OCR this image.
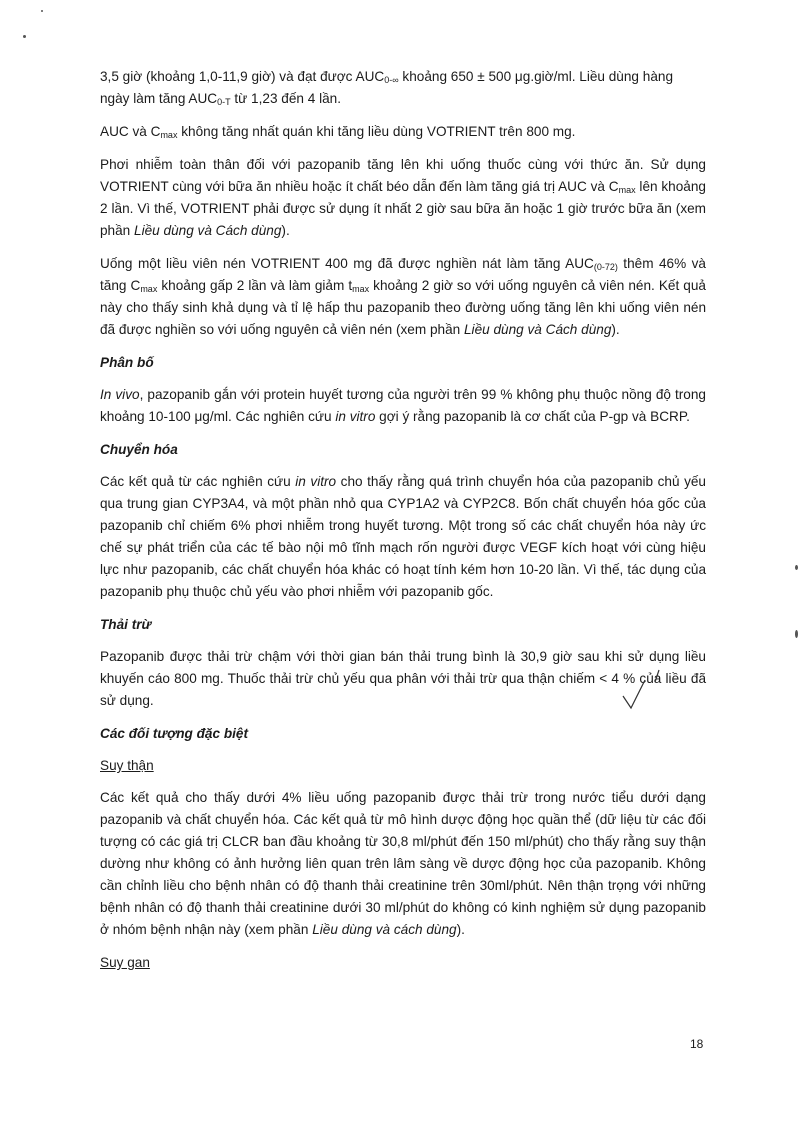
3,5 giờ (khoảng 1,0-11,9 giờ) và đạt được $AUC_{0-\infty}$ khoảng 650 ± 500 μg.giờ/ml. Liều dùng hàng ngày làm tăng $AUC_{0-T}$ từ 1,23 đến 4 lần.

AUC và $C_{max}$ không tăng nhất quán khi tăng liều dùng VOTRIENT trên 800 mg.

Phơi nhiễm toàn thân đối với pazopanib tăng lên khi uống thuốc cùng với thức ăn. Sử dụng VOTRIENT cùng với bữa ăn nhiều hoặc ít chất béo dẫn đến làm tăng giá trị AUC và $C_{max}$ lên khoảng 2 lần. Vì thế, VOTRIENT phải được sử dụng ít nhất 2 giờ sau bữa ăn hoặc 1 giờ trước bữa ăn (xem phần Liều dùng và Cách dùng).

Uống một liều viên nén VOTRIENT 400 mg đã được nghiền nát làm tăng $AUC_{(0-72)}$ thêm 46% và tăng $C_{max}$ khoảng gấp 2 lần và làm giảm $t_{max}$ khoảng 2 giờ so với uống nguyên cả viên nén. Kết quả này cho thấy sinh khả dụng và tỉ lệ hấp thu pazopanib theo đường uống tăng lên khi uống viên nén đã được nghiền so với uống nguyên cả viên nén (xem phần Liều dùng và Cách dùng).

Phân bố

In vivo, pazopanib gắn với protein huyết tương của người trên 99 % không phụ thuộc nồng độ trong khoảng 10-100 μg/ml. Các nghiên cứu in vitro gợi ý rằng pazopanib là cơ chất của P-gp và BCRP.

Chuyển hóa

Các kết quả từ các nghiên cứu in vitro cho thấy rằng quá trình chuyển hóa của pazopanib chủ yếu qua trung gian CYP3A4, và một phần nhỏ qua CYP1A2 và CYP2C8. Bốn chất chuyển hóa gốc của pazopanib chỉ chiếm 6% phơi nhiễm trong huyết tương. Một trong số các chất chuyển hóa này ức chế sự phát triển của các tế bào nội mô tĩnh mạch rốn người được VEGF kích hoạt với cùng hiệu lực như pazopanib, các chất chuyển hóa khác có hoạt tính kém hơn 10-20 lần. Vì thế, tác dụng của pazopanib phụ thuộc chủ yếu vào phơi nhiễm với pazopanib gốc.

Thải trừ

Pazopanib được thải trừ chậm với thời gian bán thải trung bình là 30,9 giờ sau khi sử dụng liều khuyến cáo 800 mg. Thuốc thải trừ chủ yếu qua phân với thải trừ qua thận chiếm < 4 % của liều đã sử dụng.

Các đối tượng đặc biệt
Suy thận

Các kết quả cho thấy dưới 4% liều uống pazopanib được thải trừ trong nước tiểu dưới dạng pazopanib và chất chuyển hóa. Các kết quả từ mô hình dược động học quần thể (dữ liệu từ các đối tượng có các giá trị CLCR ban đầu khoảng từ 30,8 ml/phút đến 150 ml/phút) cho thấy rằng suy thận dường như không có ảnh hưởng liên quan trên lâm sàng về dược động học của pazopanib. Không cần chỉnh liều cho bệnh nhân có độ thanh thải creatinine trên 30ml/phút. Nên thận trọng với những bệnh nhân có độ thanh thải creatinine dưới 30 ml/phút do không có kinh nghiệm sử dụng pazopanib ở nhóm bệnh nhận này (xem phần Liều dùng và cách dùng).

Suy gan
18
